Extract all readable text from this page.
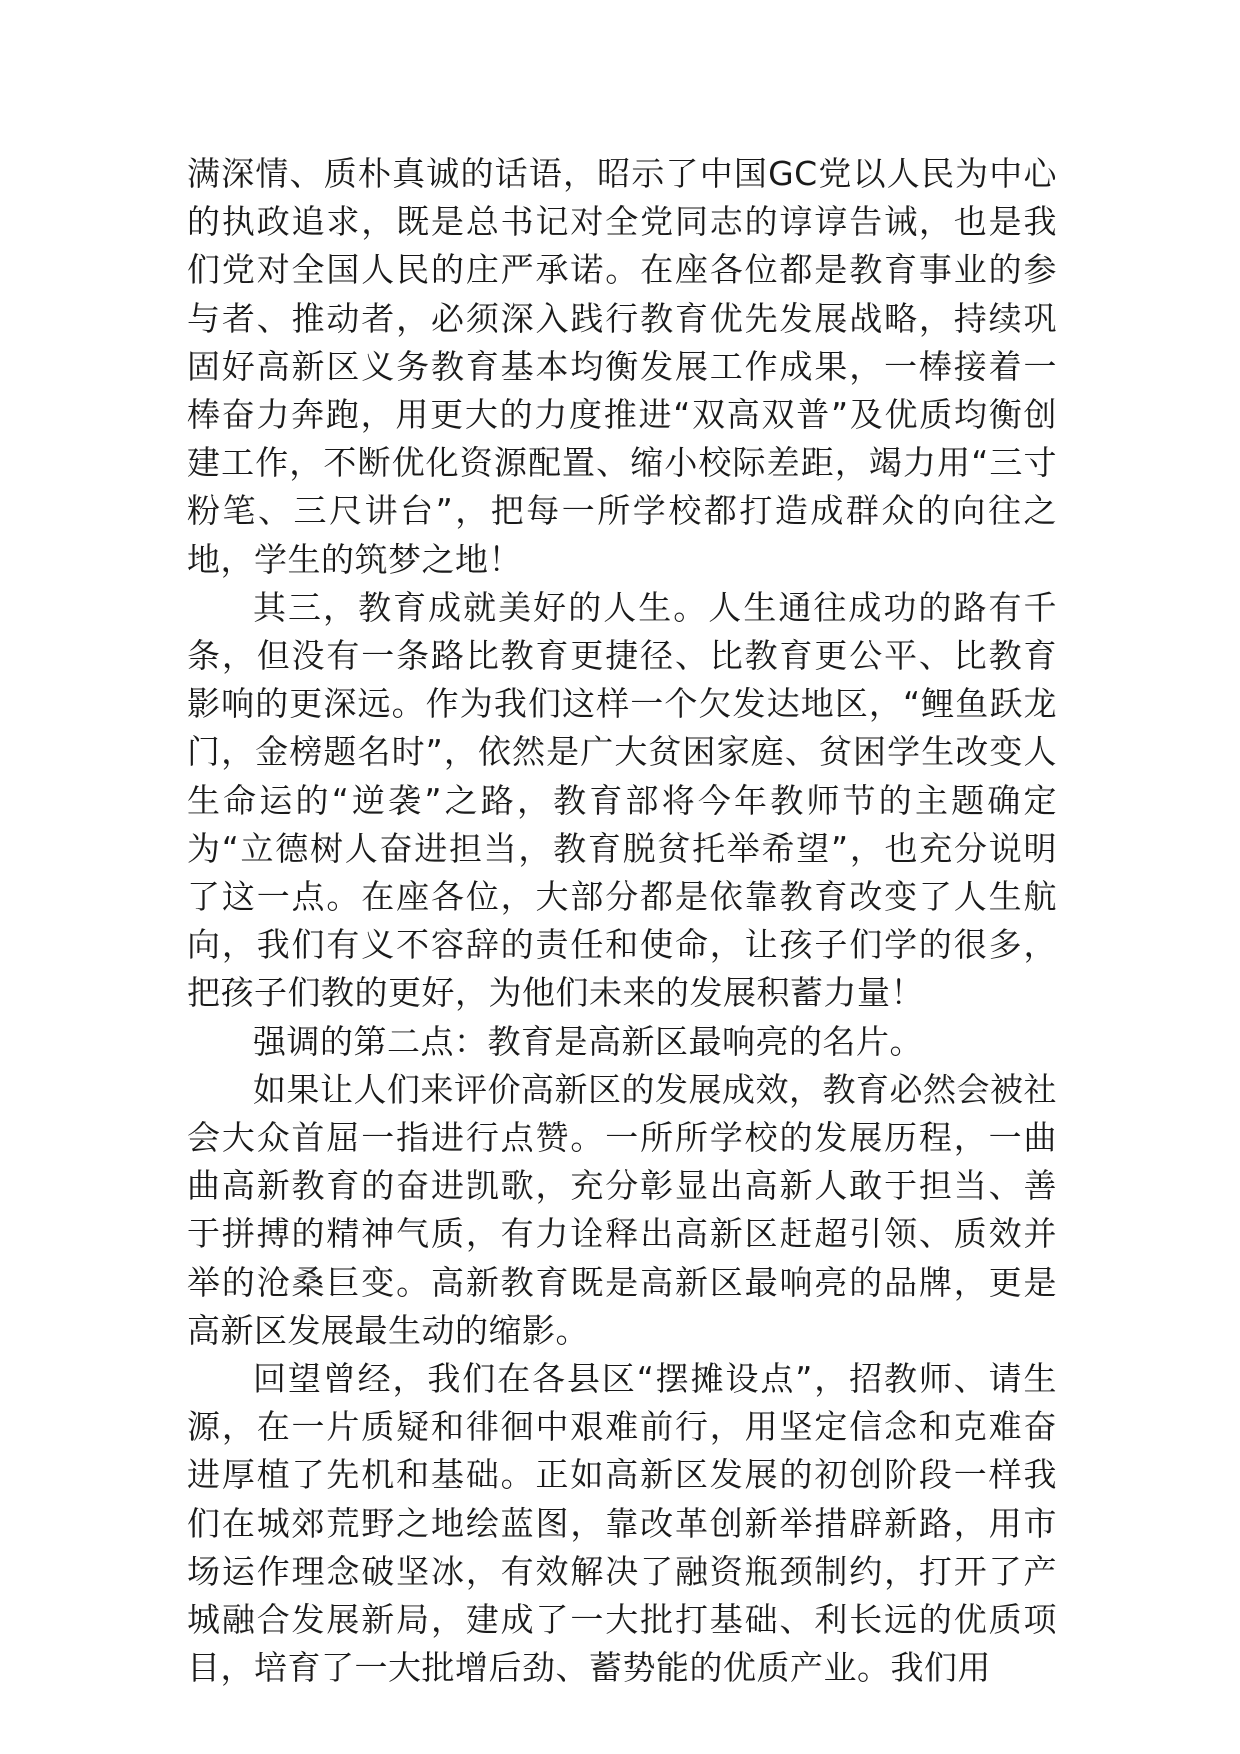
满深情、质朴真诚的话语，昭示了中国GC党以人民为中心的执政追求，既是总书记对全党同志的谆谆告诫，也是我们党对全国人民的庄严承诺。在座各位都是教育事业的参与者、推动者，必须深入践行教育优先发展战略，持续巩固好高新区义务教育基本均衡发展工作成果，一棒接着一棒奋力奔跑，用更大的力度推进“双高双普”及优质均衡创建工作，不断优化资源配置、缩小校际差距，竭力用“三寸粉笔、三尺讲台”，把每一所学校都打造成群众的向往之地，学生的筑梦之地！

其三，教育成就美好的人生。人生通往成功的路有千条，但没有一条路比教育更捷径、比教育更公平、比教育影响的更深远。作为我们这样一个欠发达地区，“鲤鱼跃龙门，金榜题名时”，依然是广大贫困家庭、贫困学生改变人生命运的“逆袭”之路，教育部将今年教师节的主题确定为“立德树人奋进担当，教育脱贫托举希望”，也充分说明了这一点。在座各位，大部分都是依靠教育改变了人生航向，我们有义不容辞的责任和使命，让孩子们学的很多，把孩子们教的更好，为他们未来的发展积蓄力量！

强调的第二点：教育是高新区最响亮的名片。

如果让人们来评价高新区的发展成效，教育必然会被社会大众首屈一指进行点赞。一所所学校的发展历程，一曲曲高新教育的奋进凯歌，充分彰显出高新人敢于担当、善于拼搏的精神气质，有力诠释出高新区赶超引领、质效并举的沧桑巨变。高新教育既是高新区最响亮的品牌，更是高新区发展最生动的缩影。

回望曾经，我们在各县区“摆摊设点”，招教师、请生源，在一片质疑和徘徊中艰难前行，用坚定信念和克难奋进厚植了先机和基础。正如高新区发展的初创阶段一样我们在城郊荒野之地绘蓝图，靠改革创新举措辟新路，用市场运作理念破坚冰，有效解决了融资瓶颈制约，打开了产城融合发展新局，建成了一大批打基础、利长远的优质项目，培育了一大批增后劲、蓄势能的优质产业。我们用
